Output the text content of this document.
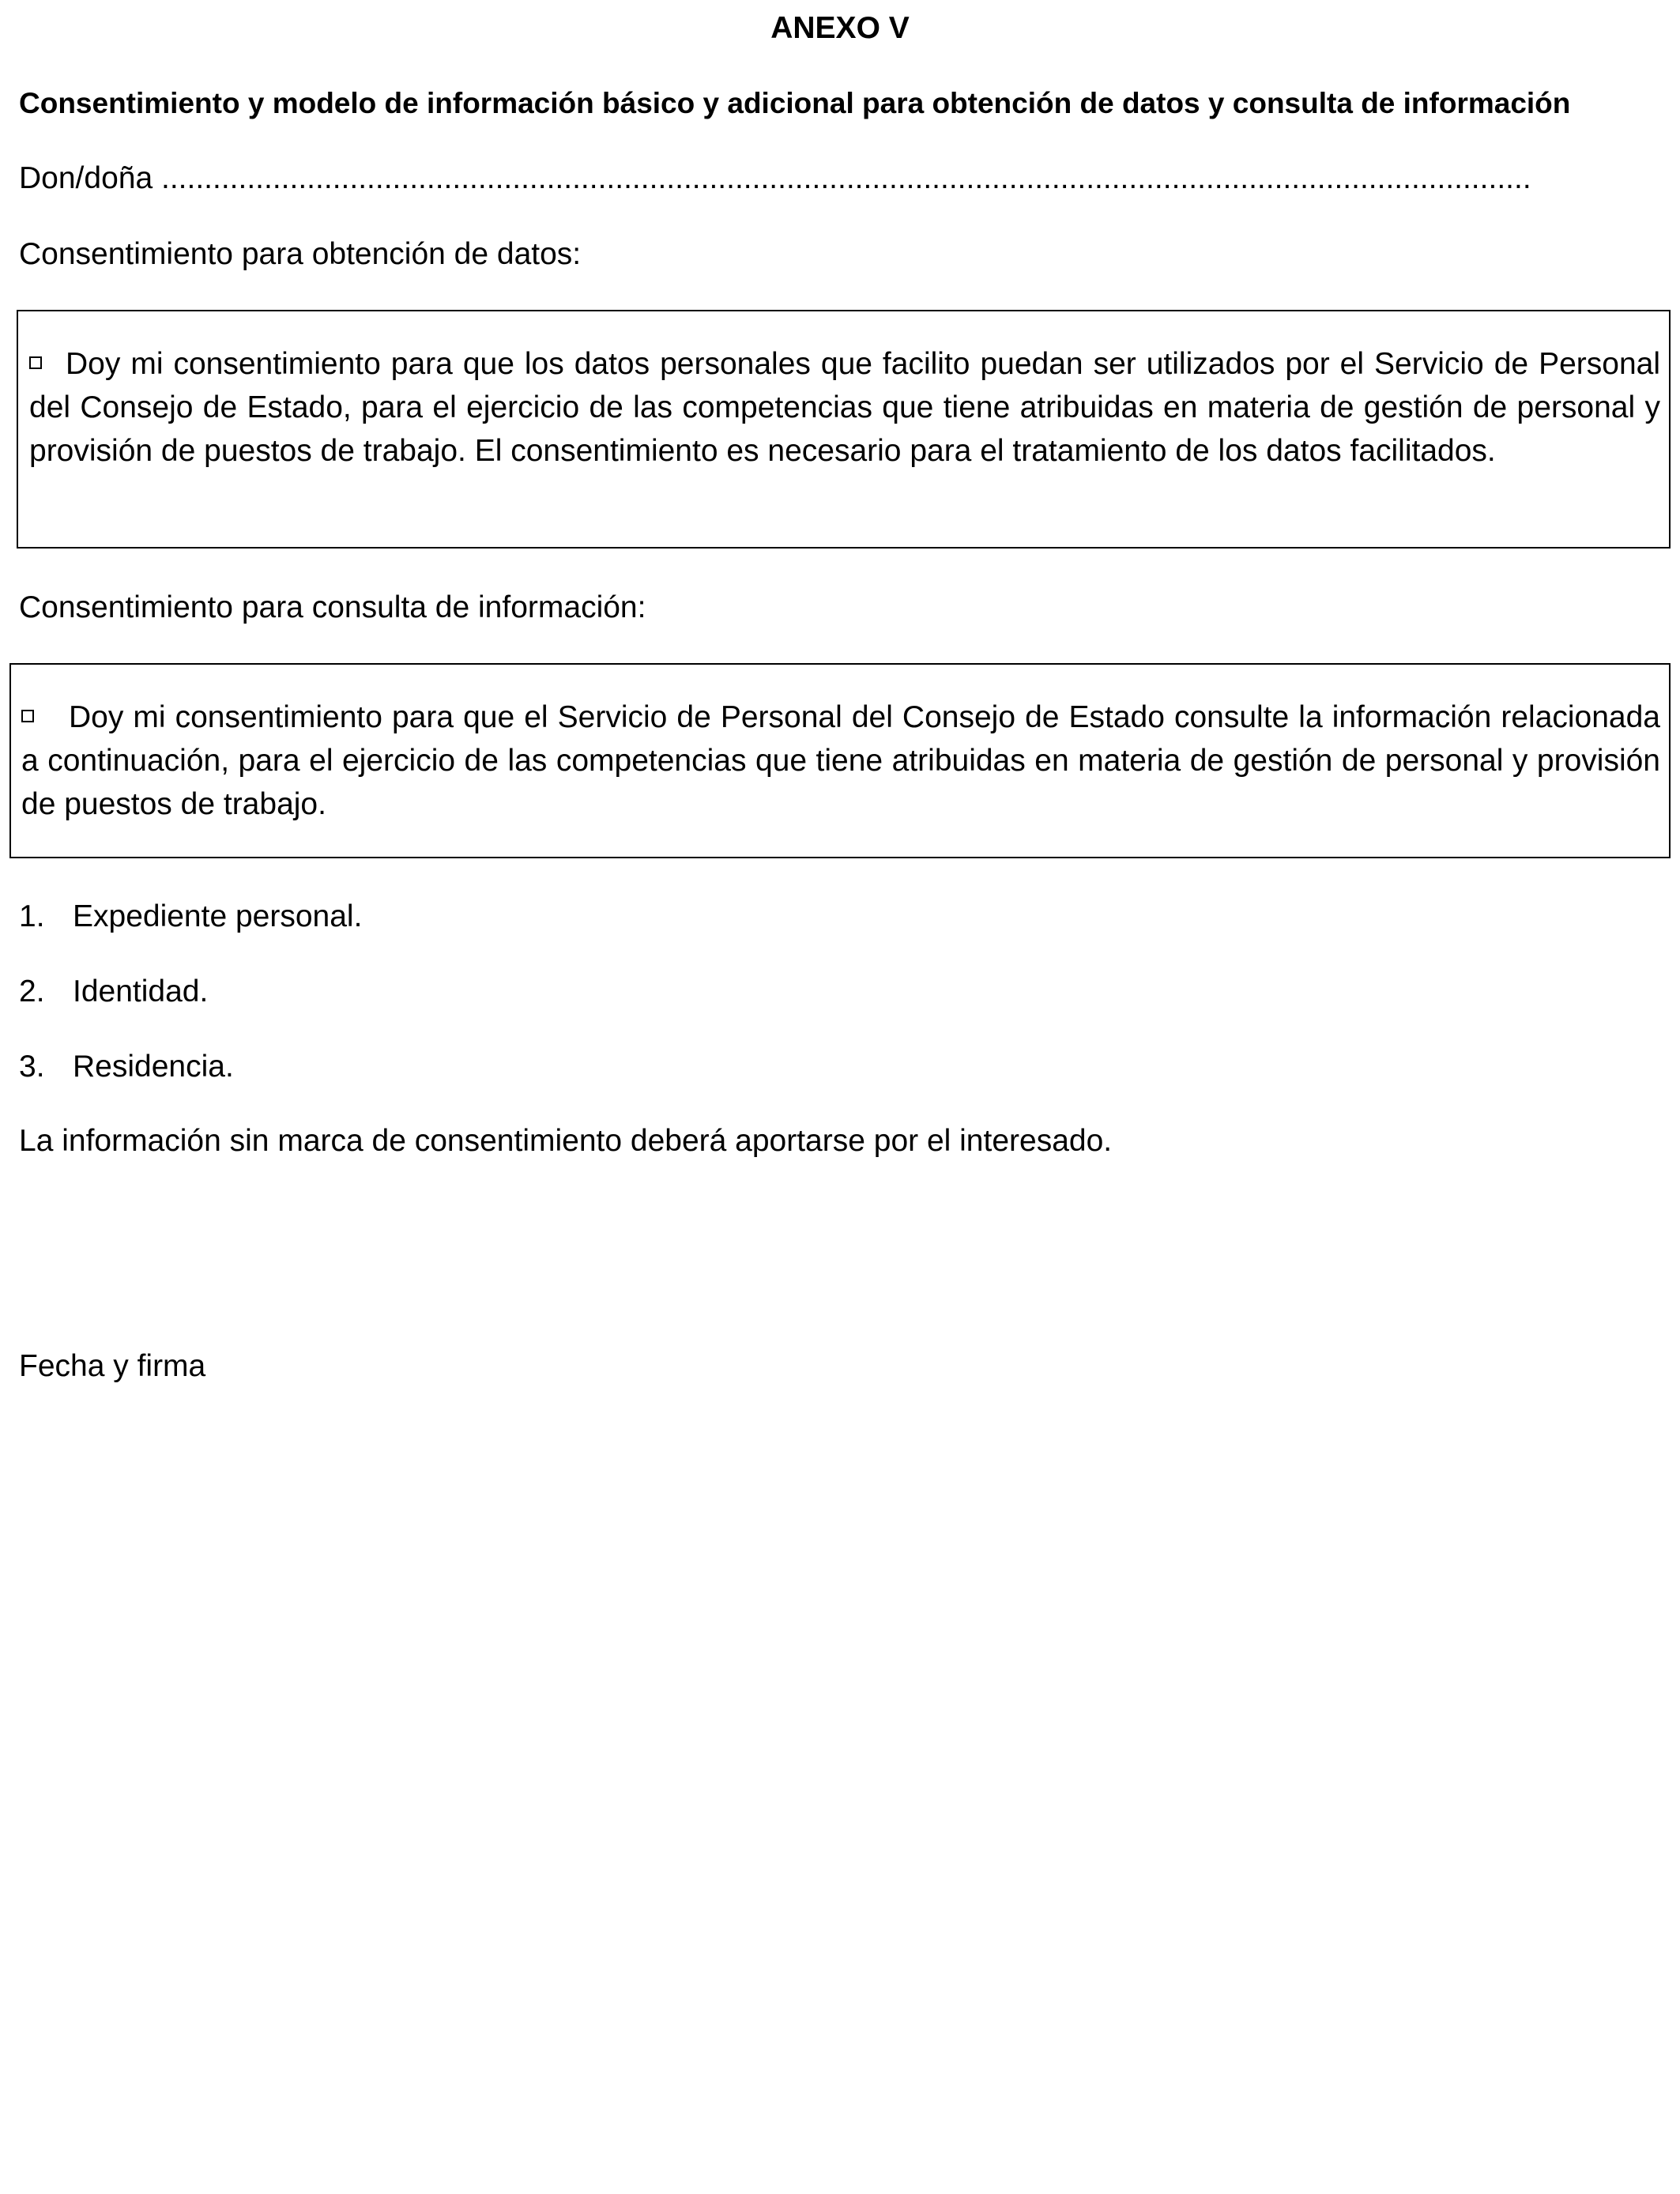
ANEXO V
Consentimiento y modelo de información básico y adicional para obtención de datos y consulta de información
Don/doña ................................................................................................................................................................
Consentimiento para obtención de datos:
Doy mi consentimiento para que los datos personales que facilito puedan ser utilizados por el Servicio de Personal del Consejo de Estado, para el ejercicio de las competencias que tiene atribuidas en materia de gestión de personal y provisión de puestos de trabajo. El consentimiento es necesario para el tratamiento de los datos facilitados.
Consentimiento para consulta de información:
Doy mi consentimiento para que el Servicio de Personal del Consejo de Estado consulte la información relacionada a continuación, para el ejercicio de las competencias que tiene atribuidas en materia de gestión de personal y provisión de puestos de trabajo.
1. Expediente personal.
2. Identidad.
3. Residencia.
La información sin marca de consentimiento deberá aportarse por el interesado.
Fecha y firma
